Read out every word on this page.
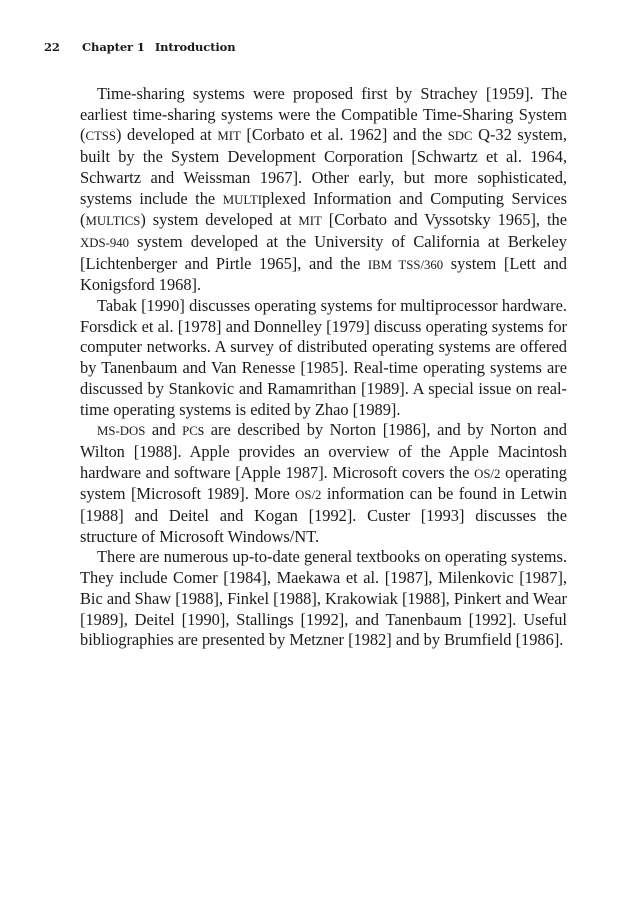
22 Chapter 1 Introduction

Time-sharing systems were proposed first by Strachey [1959]. The earliest time-sharing systems were the Compatible Time-Sharing System (CTSS) developed at MIT [Corbato et al. 1962] and the SDC Q-32 system, built by the System Development Corporation [Schwartz et al. 1964, Schwartz and Weissman 1967]. Other early, but more sophisticated, systems include the MULTIplexed Information and Computing Services (MULTICS) system developed at MIT [Corbato and Vyssotsky 1965], the XDS-940 system developed at the University of California at Berkeley [Lichtenberger and Pirtle 1965], and the IBM TSS/360 system [Lett and Konigsford 1968].

Tabak [1990] discusses operating systems for multiprocessor hardware. Forsdick et al. [1978] and Donnelley [1979] discuss operating systems for computer networks. A survey of distributed operating systems are offered by Tanenbaum and Van Renesse [1985]. Real-time operating systems are discussed by Stankovic and Ramamrithan [1989]. A special issue on real-time operating systems is edited by Zhao [1989].

MS-DOS and PCs are described by Norton [1986], and by Norton and Wilton [1988]. Apple provides an overview of the Apple Macintosh hardware and software [Apple 1987]. Microsoft covers the OS/2 operating system [Microsoft 1989]. More OS/2 information can be found in Letwin [1988] and Deitel and Kogan [1992]. Custer [1993] discusses the structure of Microsoft Windows/NT.

There are numerous up-to-date general textbooks on operating systems. They include Comer [1984], Maekawa et al. [1987], Milenkovic [1987], Bic and Shaw [1988], Finkel [1988], Krakowiak [1988], Pinkert and Wear [1989], Deitel [1990], Stallings [1992], and Tanenbaum [1992]. Useful bibliographies are presented by Metzner [1982] and by Brumfield [1986].
